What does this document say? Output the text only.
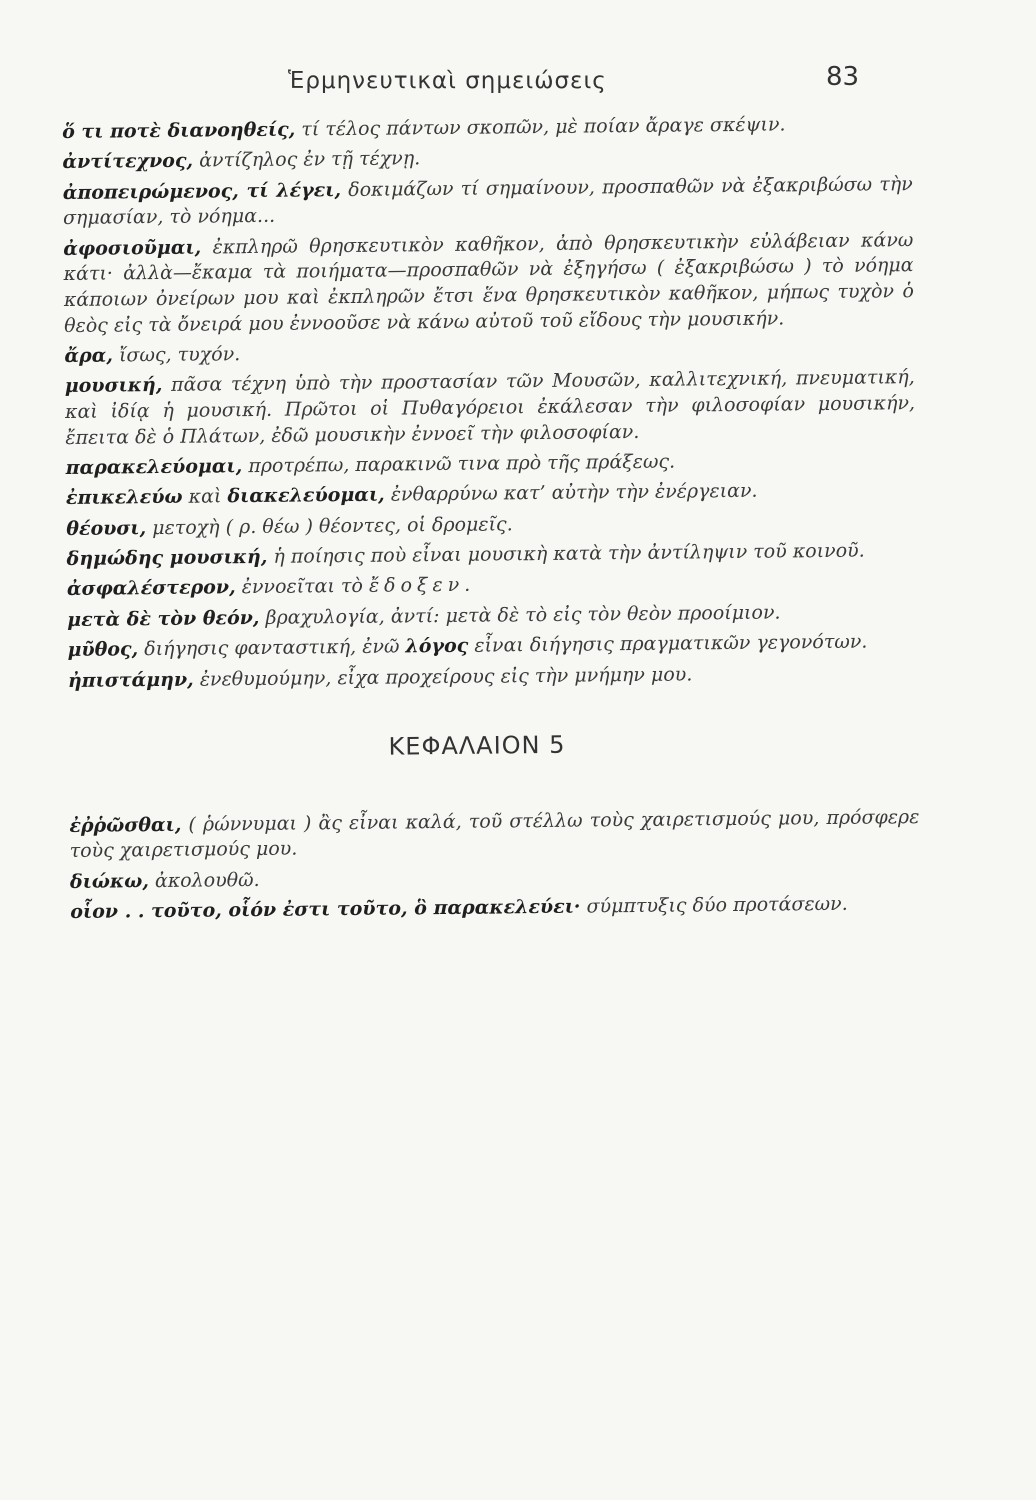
Ἑρμηνευτικαὶ σημειώσεις	83

ὅ τι ποτὲ διανοηθείς, τί τέλος πάντων σκοπῶν, μὲ ποίαν ἄραγε σκέψιν.

ἀντίτεχνος, ἀντίζηλος ἐν τῇ τέχνῃ.

ἀποπειρώμενος, τί λέγει, δοκιμάζων τί σημαίνουν, προσπαθῶν νὰ ἐξακριβώσω τὴν σημασίαν, τὸ νόημα...

ἀφοσιοῦμαι, ἐκπληρῶ θρησκευτικὸν καθῆκον, ἀπὸ θρησκευτικὴν εὐλάβειαν κάνω κάτι· ἀλλὰ—ἔκαμα τὰ ποιήματα—προσπαθῶν νὰ ἐξηγήσω ( ἐξακριβώσω ) τὸ νόημα κάποιων ὀνείρων μου καὶ ἐκπληρῶν ἔτσι ἕνα θρησκευτικὸν καθῆκον, μήπως τυχὸν ὁ θεὸς εἰς τὰ ὄνειρά μου ἐννοοῦσε νὰ κάνω αὐτοῦ τοῦ εἴδους τὴν μουσικήν.

ἄρα, ἴσως, τυχόν.

μουσική, πᾶσα τέχνη ὑπὸ τὴν προστασίαν τῶν Μουσῶν, καλλιτεχνική, πνευματική, καὶ ἰδίᾳ ἡ μουσική. Πρῶτοι οἱ Πυθαγόρειοι ἐκάλεσαν τὴν φιλοσοφίαν μουσικήν, ἔπειτα δὲ ὁ Πλάτων, ἐδῶ μουσικὴν ἐννοεῖ τὴν φιλοσοφίαν.

παρακελεύομαι, προτρέπω, παρακινῶ τινα πρὸ τῆς πράξεως.

ἐπικελεύω καὶ διακελεύομαι, ἐνθαρρύνω κατ’ αὐτὴν τὴν ἐνέργειαν.

θέουσι, μετοχὴ ( ρ. θέω ) θέοντες, οἱ δρομεῖς.

δημώδης μουσική, ἡ ποίησις ποὺ εἶναι μουσικὴ κατὰ τὴν ἀντίληψιν τοῦ κοινοῦ.

ἀσφαλέστερον, ἐννοεῖται τὸ ἔδοξεν.

μετὰ δὲ τὸν θεόν, βραχυλογία, ἀντί: μετὰ δὲ τὸ εἰς τὸν θεὸν προοίμιον.

μῦθος, διήγησις φανταστική, ἐνῶ λόγος εἶναι διήγησις πραγματικῶν γεγονότων.

ἠπιστάμην, ἐνεθυμούμην, εἶχα προχείρους εἰς τὴν μνήμην μου.

ΚΕΦΑΛΑΙΟΝ 5

ἐῤῥῶσθαι, ( ῥώννυμαι ) ἂς εἶναι καλά, τοῦ στέλλω τοὺς χαιρετισμούς μου, πρόσφερε τοὺς χαιρετισμούς μου.

διώκω, ἀκολουθῶ.

οἷον . . τοῦτο, οἷόν ἐστι τοῦτο, ὃ παρακελεύει· σύμπτυξις δύο προτάσεων.
